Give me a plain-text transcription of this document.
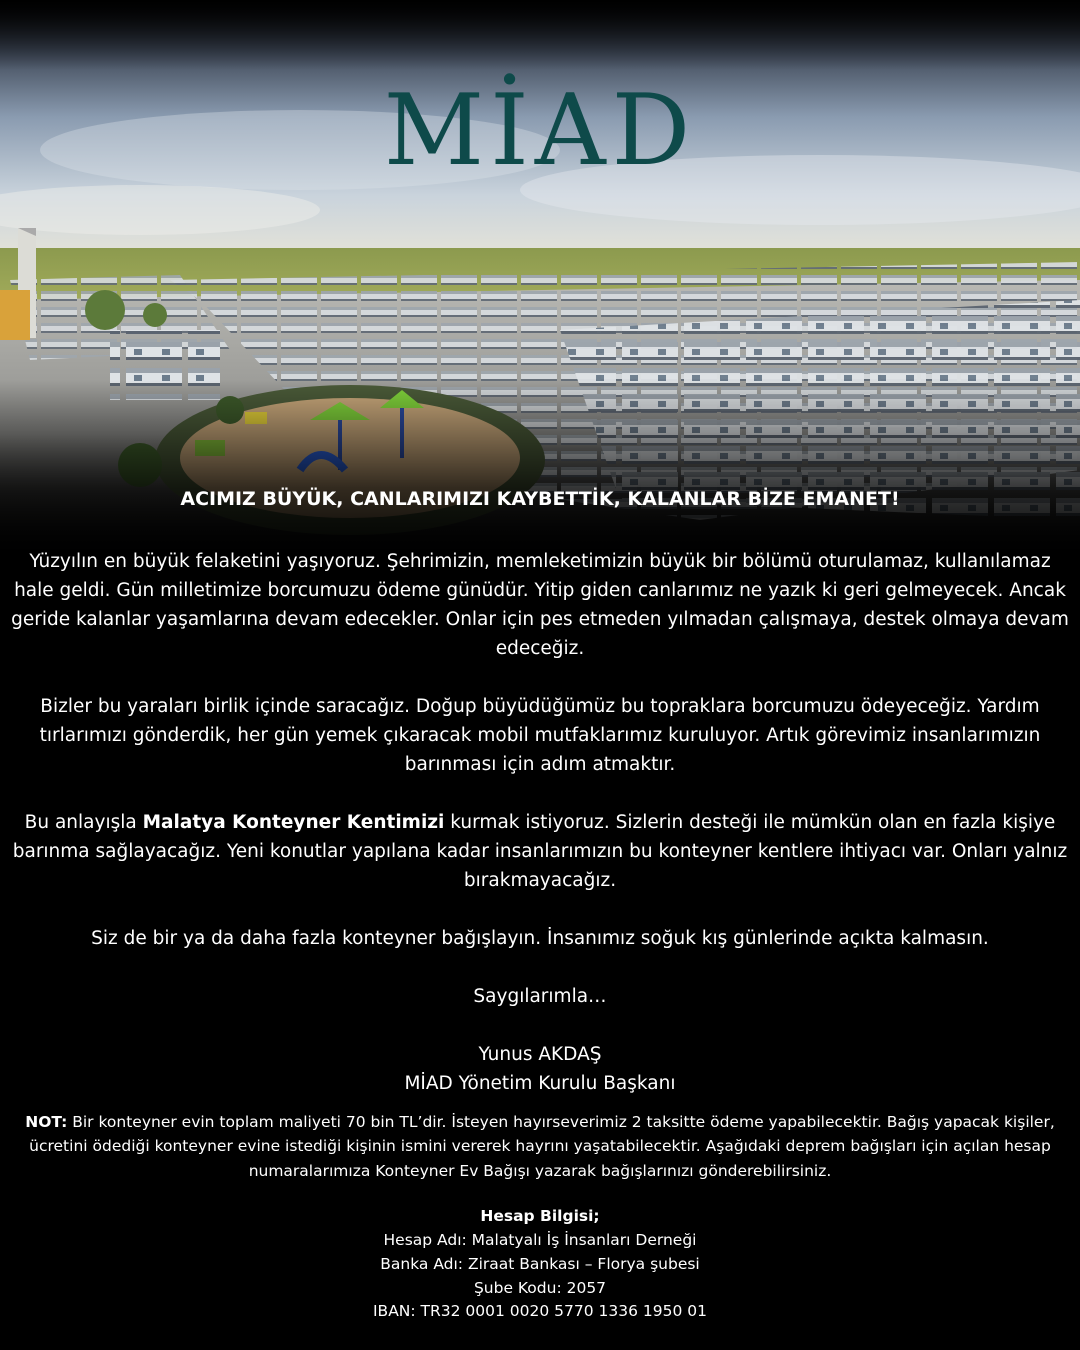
MİAD
ACIMIZ BÜYÜK, CANLARIMIZI KAYBETTİK, KALANLAR BİZE EMANET!

Yüzyılın en büyük felaketini yaşıyoruz. Şehrimizin, memleketimizin büyük bir bölümü oturulamaz, kullanılamaz hale geldi. Gün milletimize borcumuzu ödeme günüdür. Yitip giden canlarımız ne yazık ki geri gelmeyecek. Ancak geride kalanlar yaşamlarına devam edecekler. Onlar için pes etmeden yılmadan çalışmaya, destek olmaya devam edeceğiz.

Bizler bu yaraları birlik içinde saracağız. Doğup büyüdüğümüz bu topraklara borcumuzu ödeyeceğiz. Yardım tırlarımızı gönderdik, her gün yemek çıkaracak mobil mutfaklarımız kuruluyor. Artık görevimiz insanlarımızın barınması için adım atmaktır.

Bu anlayışla Malatya Konteyner Kentimizi kurmak istiyoruz. Sizlerin desteği ile mümkün olan en fazla kişiye barınma sağlayacağız. Yeni konutlar yapılana kadar insanlarımızın bu konteyner kentlere ihtiyacı var. Onları yalnız bırakmayacağız.

Siz de bir ya da daha fazla konteyner bağışlayın. İnsanımız soğuk kış günlerinde açıkta kalmasın.

Saygılarımla…

Yunus AKDAŞ
MİAD Yönetim Kurulu Başkanı

NOT: Bir konteyner evin toplam maliyeti 70 bin TL’dir. İsteyen hayırseverimiz 2 taksitte ödeme yapabilecektir. Bağış yapacak kişiler, ücretini ödediği konteyner evine istediği kişinin ismini vererek hayrını yaşatabilecektir. Aşağıdaki deprem bağışları için açılan hesap numaralarımıza Konteyner Ev Bağışı yazarak bağışlarınızı gönderebilirsiniz.
Hesap Bilgisi;
Hesap Adı: Malatyalı İş İnsanları Derneği
Banka Adı: Ziraat Bankası – Florya şubesi
Şube Kodu: 2057
IBAN: TR32 0001 0020 5770 1336 1950 01
